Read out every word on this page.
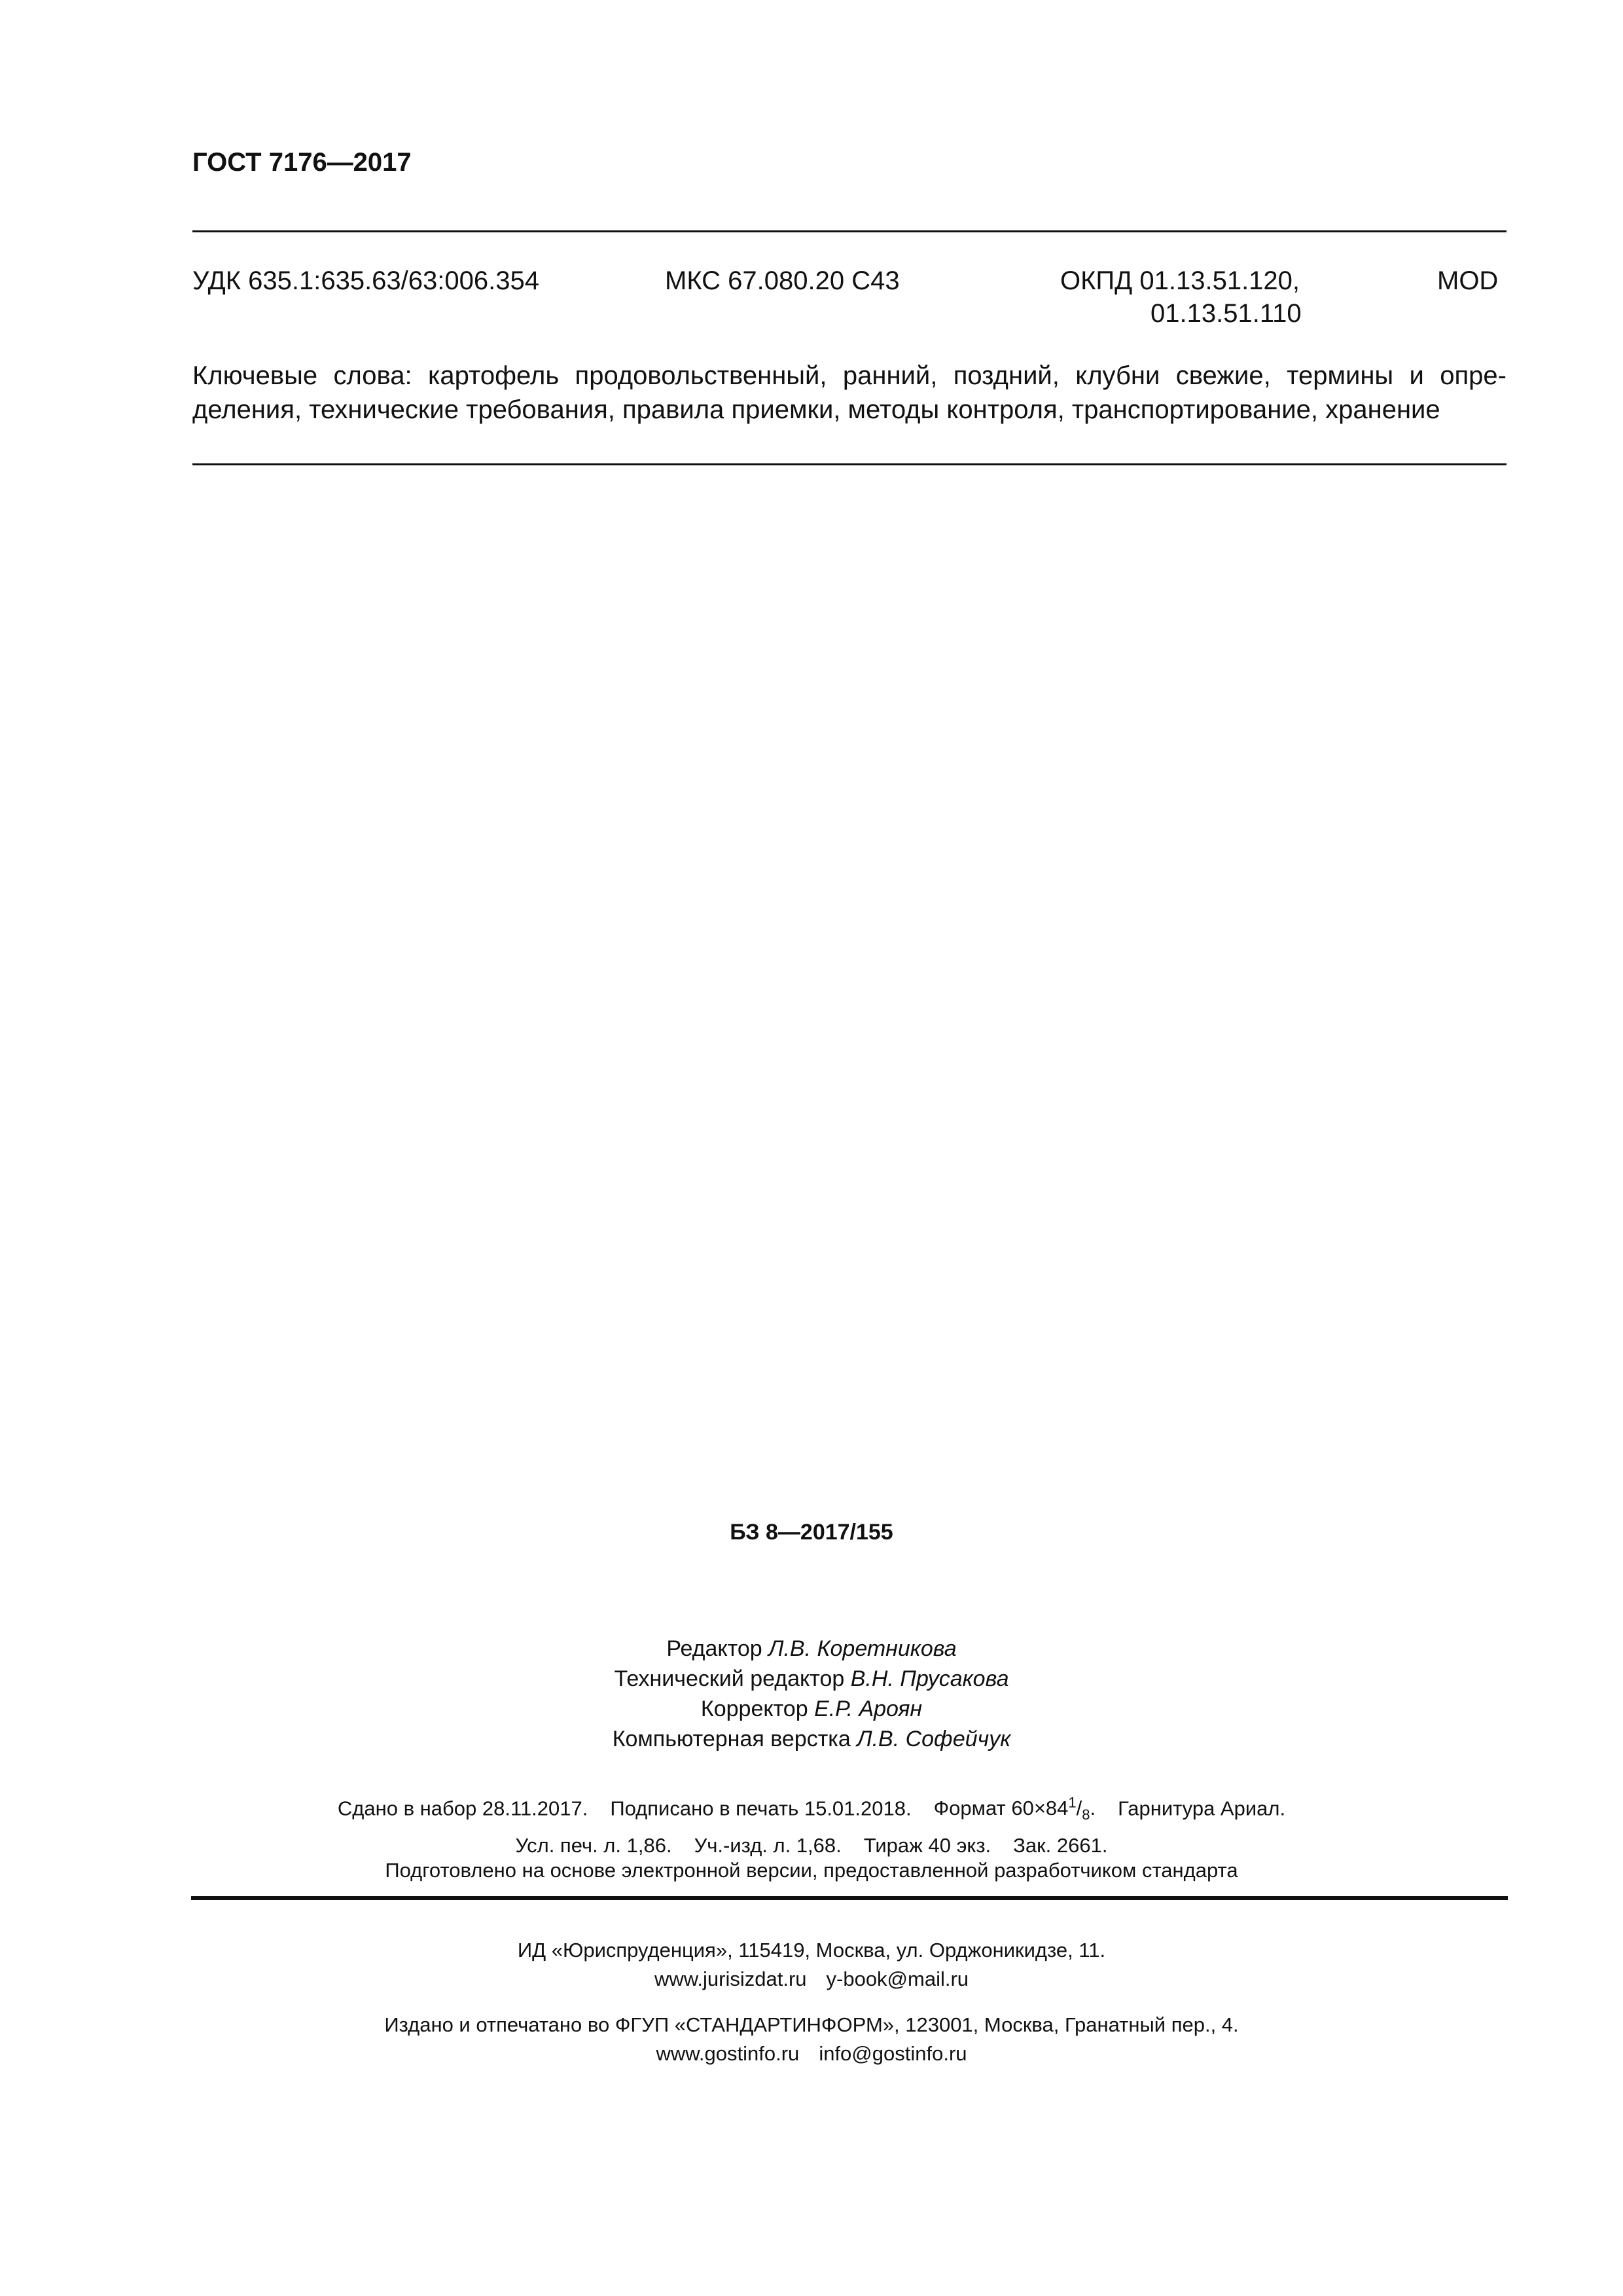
ГОСТ 7176—2017
УДК 635.1:635.63/63:006.354	МКС 67.080.20 С43	ОКПД 01.13.51.120,
01.13.51.110
MOD
Ключевые слова: картофель продовольственный, ранний, поздний, клубни свежие, термины и опре-
деления, технические требования, правила приемки, методы контроля, транспортирование, хранение
БЗ 8—2017/155
Редактор Л.В. Коретникова
Технический редактор В.Н. Прусакова
Корректор Е.Р. Ароян
Компьютерная верстка Л.В. Софейчук
Сдано в набор 28.11.2017. Подписано в печать 15.01.2018. Формат $60\times 84^1/_8$. Гарнитура Ариал.
Усл. печ. л. 1,86. Уч.-изд. л. 1,68. Тираж 40 экз. Зак. 2661.
Подготовлено на основе электронной версии, предоставленной разработчиком стандарта
ИД «Юриспруденция», 115419, Москва, ул. Орджоникидзе, 11.
www.jurisizdat.ru y-book@mail.ru
Издано и отпечатано во ФГУП «СТАНДАРТИНФОРМ», 123001, Москва, Гранатный пер., 4.
www.gostinfo.ru info@gostinfo.ru
